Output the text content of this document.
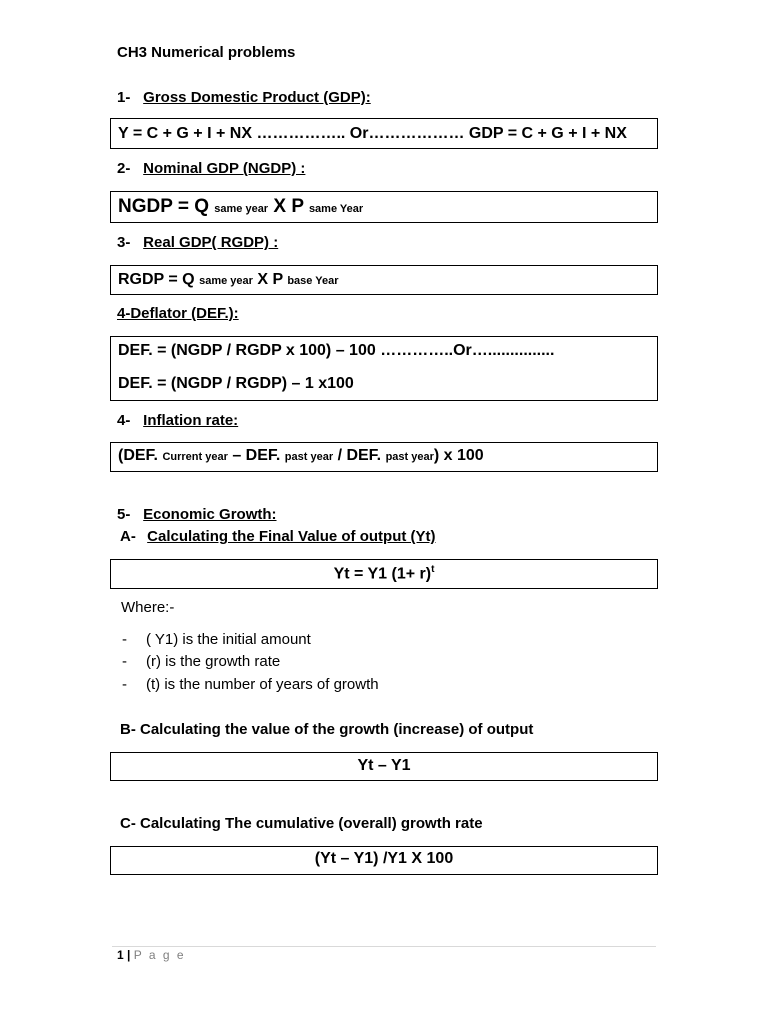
CH3 Numerical problems
1- Gross Domestic Product (GDP):
Y = C + G + I + NX …………….. Or……………… GDP = C + G + I + NX
2- Nominal GDP (NGDP) :
NGDP = Q same year X P same Year
3- Real GDP( RGDP) :
RGDP = Q same year X P base Year
4-Deflator (DEF.):
DEF. = (NGDP / RGDP x 100) – 100 …………..Or…...............
DEF. = (NGDP / RGDP) – 1 x100
4- Inflation rate:
(DEF. Current year – DEF. past year / DEF. past year) x 100
5- Economic Growth:
A- Calculating the Final Value of output (Yt)
Yt = Y1 $(1+ r)^t$
Where:-
- ( Y1) is the initial amount
- (r) is the growth rate
- (t) is the number of years of growth
B- Calculating the value of the growth (increase) of output
Yt – Y1
C- Calculating The cumulative (overall) growth rate
(Yt – Y1) /Y1 X 100
1 | P a g e
